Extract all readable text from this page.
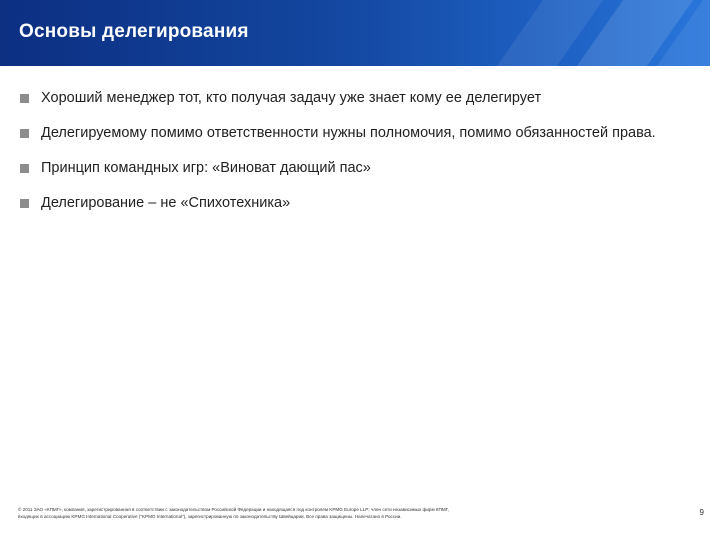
Основы делегирования
Хороший менеджер тот, кто получая задачу уже знает кому ее делегирует
Делегируемому помимо ответственности нужны полномочия, помимо обязанностей права.
Принцип командных игр: «Виноват дающий пас»
Делегирование – не «Спихотехника»
© 2011 ЗАО «КПМГ», компания, зарегистрированная в соответствии с законодательством Российской Федерации и находящаяся под контролем KPMG Europe LLP; член сети независимых фирм КПМГ, входящих в ассоциацию KPMG International Cooperative ("KPMG International"), зарегистрированную по законодательству Швейцарии. Все права защищены. Напечатано в России.	9
